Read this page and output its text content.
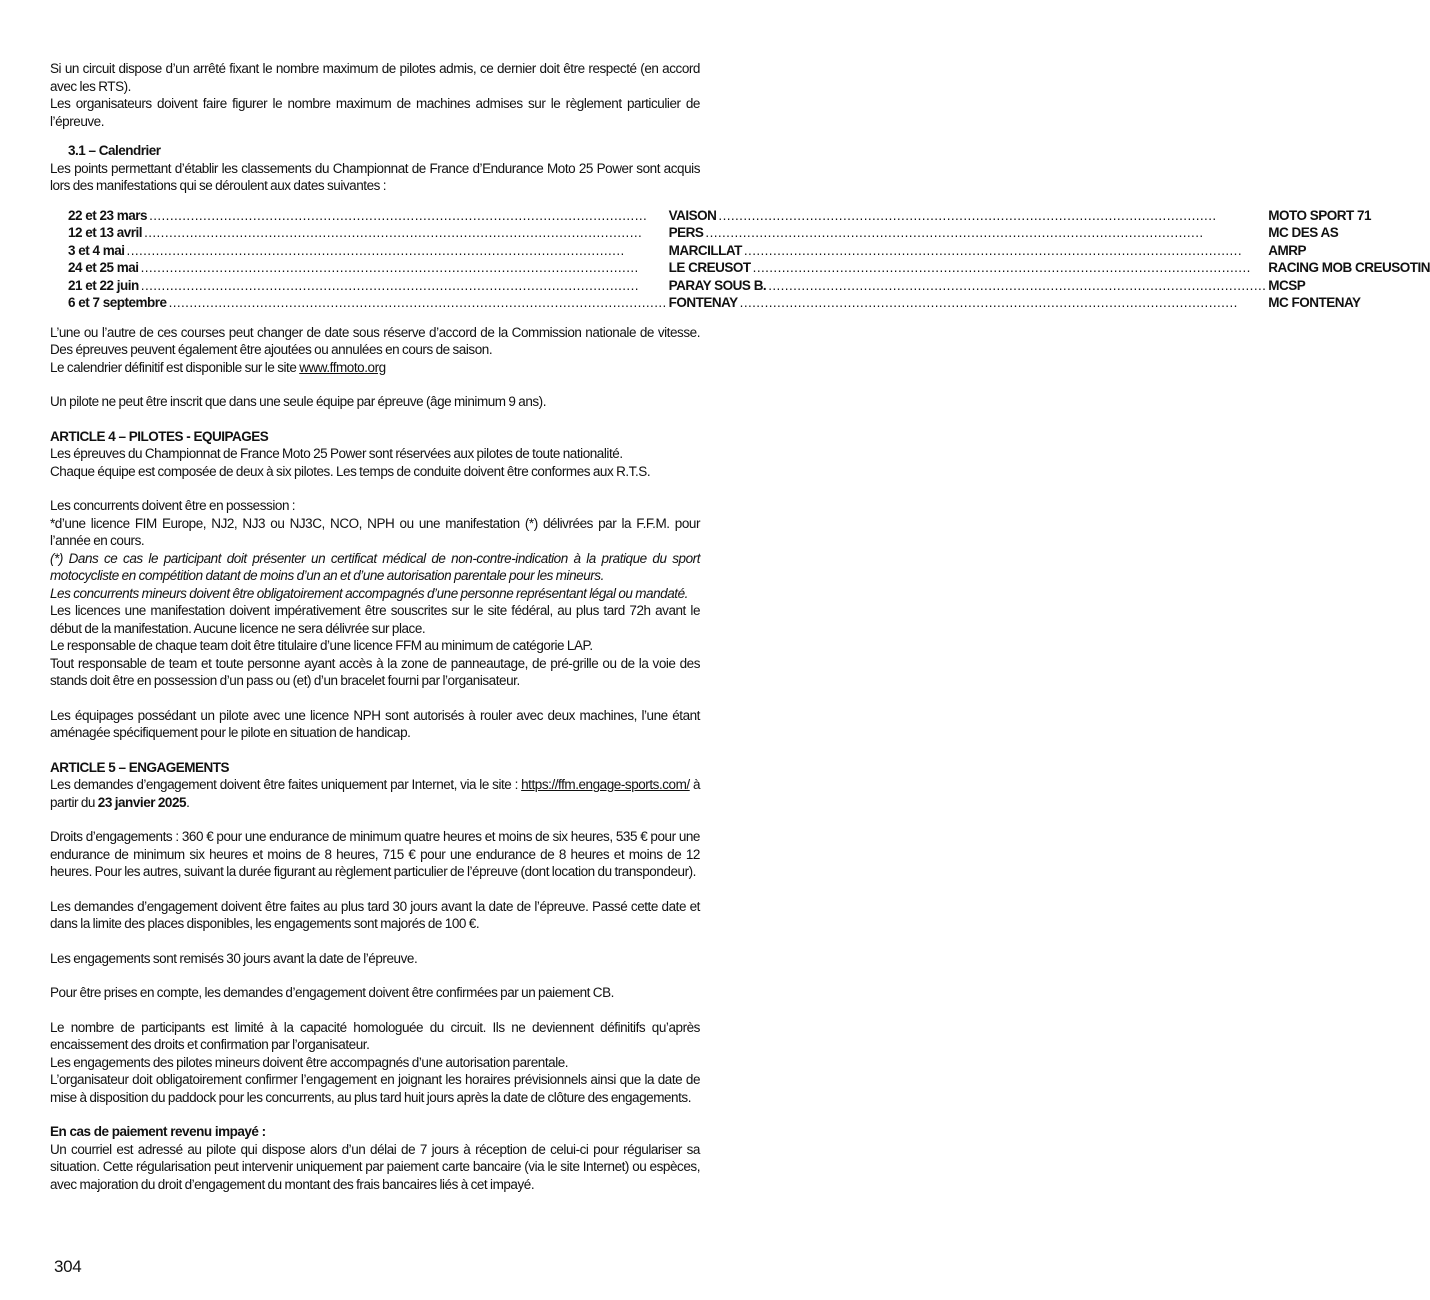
Si un circuit dispose d’un arrêté fixant le nombre maximum de pilotes admis, ce dernier doit être respecté (en accord avec les RTS).

Les organisateurs doivent faire figurer le nombre maximum de machines admises sur le règlement particulier de l’épreuve.

3.1 – Calendrier

Les points permettant d’établir les classements du Championnat de France d’Endurance Moto 25 Power sont acquis lors des manifestations qui se déroulent aux dates suivantes :

22 et 23 mars ........................................................................................................................	VAISON ........................................................................................................................	MOTO SPORT 71

12 et 13 avril ........................................................................................................................	PERS ........................................................................................................................	MC DES AS

3 et 4 mai ........................................................................................................................	MARCILLAT ........................................................................................................................	AMRP

24 et 25 mai ........................................................................................................................	LE CREUSOT ........................................................................................................................	RACING MOB CREUSOTIN

21 et 22 juin ........................................................................................................................	PARAY SOUS B. ........................................................................................................................	MCSP

6 et 7 septembre ........................................................................................................................	FONTENAY ........................................................................................................................	MC FONTENAY

L’une ou l’autre de ces courses peut changer de date sous réserve d’accord de la Commission nationale de vitesse. Des épreuves peuvent également être ajoutées ou annulées en cours de saison.

Le calendrier définitif est disponible sur le site www.ffmoto.org

Un pilote ne peut être inscrit que dans une seule équipe par épreuve (âge minimum 9 ans).

ARTICLE 4 – PILOTES - EQUIPAGES

Les épreuves du Championnat de France Moto 25 Power sont réservées aux pilotes de toute nationalité.

Chaque équipe est composée de deux à six pilotes. Les temps de conduite doivent être conformes aux R.T.S.

Les concurrents doivent être en possession :

*d’une licence FIM Europe, NJ2, NJ3 ou NJ3C, NCO, NPH ou une manifestation (*) délivrées par la F.F.M. pour l’année en cours.

(*) Dans ce cas le participant doit présenter un certificat médical de non-contre-indication à la pratique du sport motocycliste en compétition datant de moins d’un an et d’une autorisation parentale pour les mineurs.

Les concurrents mineurs doivent être obligatoirement accompagnés d’une personne représentant légal ou mandaté.

Les licences une manifestation doivent impérativement être souscrites sur le site fédéral, au plus tard 72h avant le début de la manifestation. Aucune licence ne sera délivrée sur place.

Le responsable de chaque team doit être titulaire d’une licence FFM au minimum de catégorie LAP.

Tout responsable de team et toute personne ayant accès à la zone de panneautage, de pré-grille ou de la voie des stands doit être en possession d’un pass ou (et) d’un bracelet fourni par l’organisateur.

Les équipages possédant un pilote avec une licence NPH sont autorisés à rouler avec deux machines, l’une étant aménagée spécifiquement pour le pilote en situation de handicap.

ARTICLE 5 – ENGAGEMENTS

Les demandes d’engagement doivent être faites uniquement par Internet, via le site : https://ffm.engage-sports.com/ à partir du 23 janvier 2025.

Droits d’engagements : 360 € pour une endurance de minimum quatre heures et moins de six heures, 535 € pour une endurance de minimum six heures et moins de 8 heures, 715 € pour une endurance de 8 heures et moins de 12 heures. Pour les autres, suivant la durée figurant au règlement particulier de l’épreuve (dont location du transpondeur).

Les demandes d’engagement doivent être faites au plus tard 30 jours avant la date de l’épreuve. Passé cette date et dans la limite des places disponibles, les engagements sont majorés de 100 €.

Les engagements sont remisés 30 jours avant la date de l’épreuve.

Pour être prises en compte, les demandes d’engagement doivent être confirmées par un paiement CB.

Le nombre de participants est limité à la capacité homologuée du circuit. Ils ne deviennent définitifs qu’après encaissement des droits et confirmation par l’organisateur.

Les engagements des pilotes mineurs doivent être accompagnés d’une autorisation parentale.

L’organisateur doit obligatoirement confirmer l’engagement en joignant les horaires prévisionnels ainsi que la date de mise à disposition du paddock pour les concurrents, au plus tard huit jours après la date de clôture des engagements.

En cas de paiement revenu impayé :

Un courriel est adressé au pilote qui dispose alors d’un délai de 7 jours à réception de celui-ci pour régulariser sa situation. Cette régularisation peut intervenir uniquement par paiement carte bancaire (via le site Internet) ou espèces, avec majoration du droit d’engagement du montant des frais bancaires liés à cet impayé.

304
